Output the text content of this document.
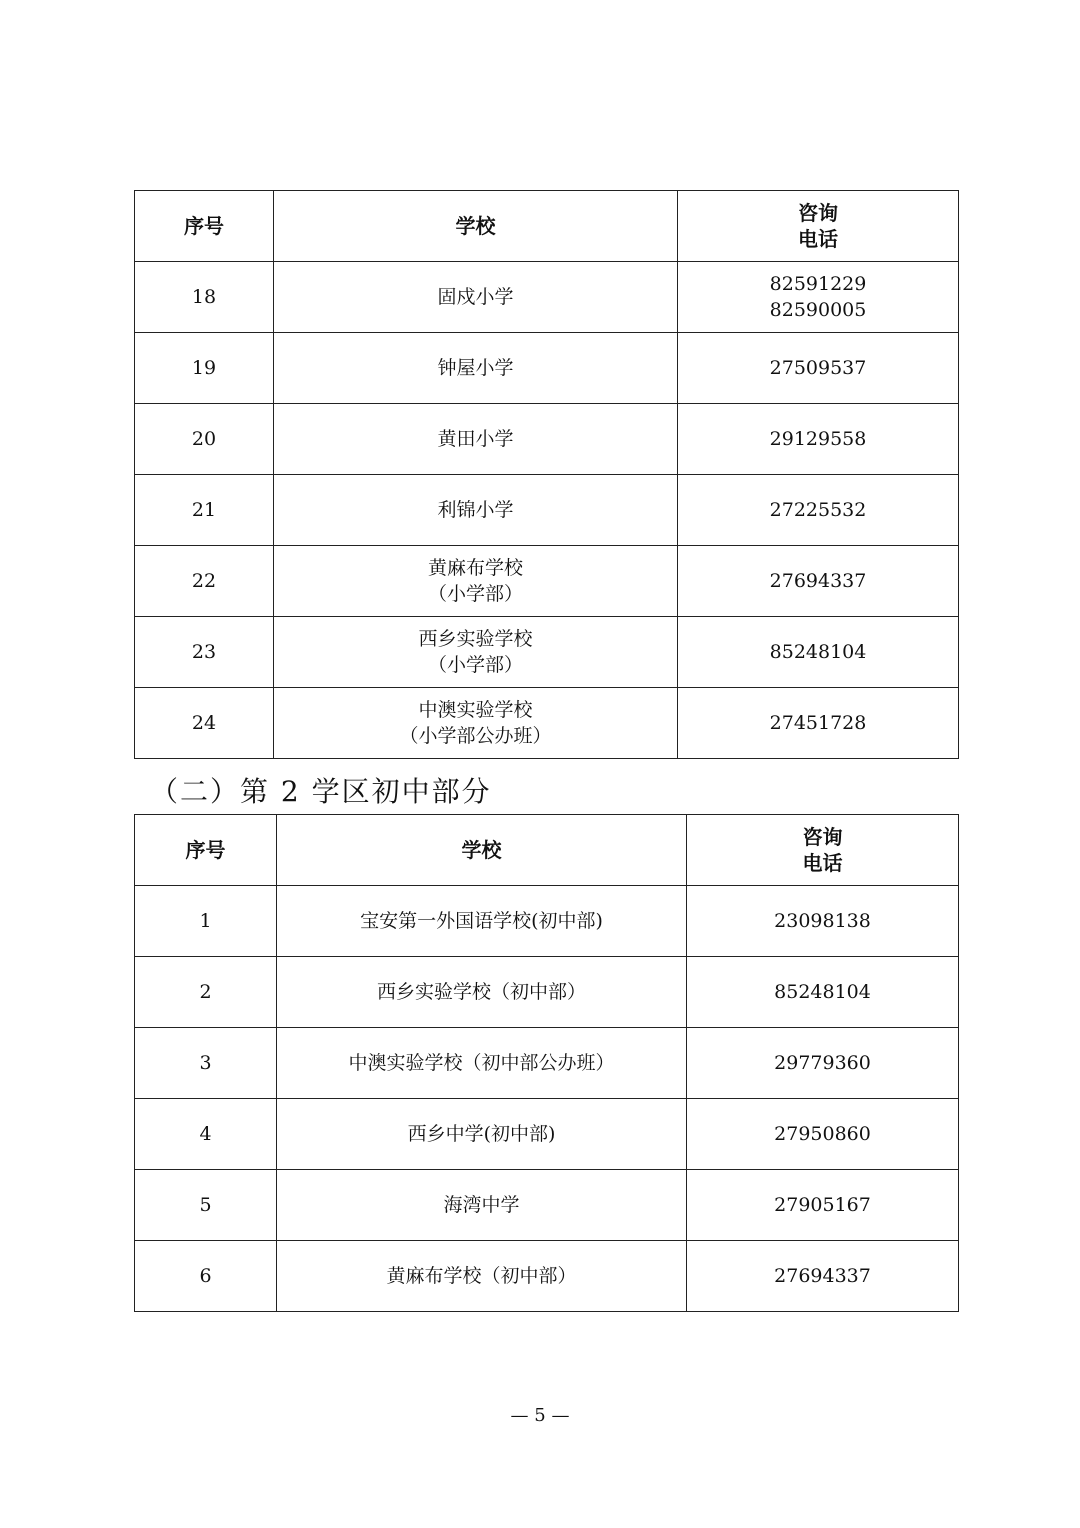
序号	学校	咨询
电话

18	固戍小学	82591229
82590005

19	钟屋小学	27509537

20	黄田小学	29129558

21	利锦小学	27225532

22	黄麻布学校
（小学部）	27694337

23	西乡实验学校
（小学部）	85248104

24	中澳实验学校
（小学部公办班）	27451728
（二）第 2 学区初中部分
序号	学校	咨询
电话

1	宝安第一外国语学校(初中部)	23098138
2	西乡实验学校（初中部）	85248104
3	中澳实验学校（初中部公办班）	29779360
4	西乡中学(初中部)	27950860
5	海湾中学	27905167
6	黄麻布学校（初中部）	27694337
— 5 —
